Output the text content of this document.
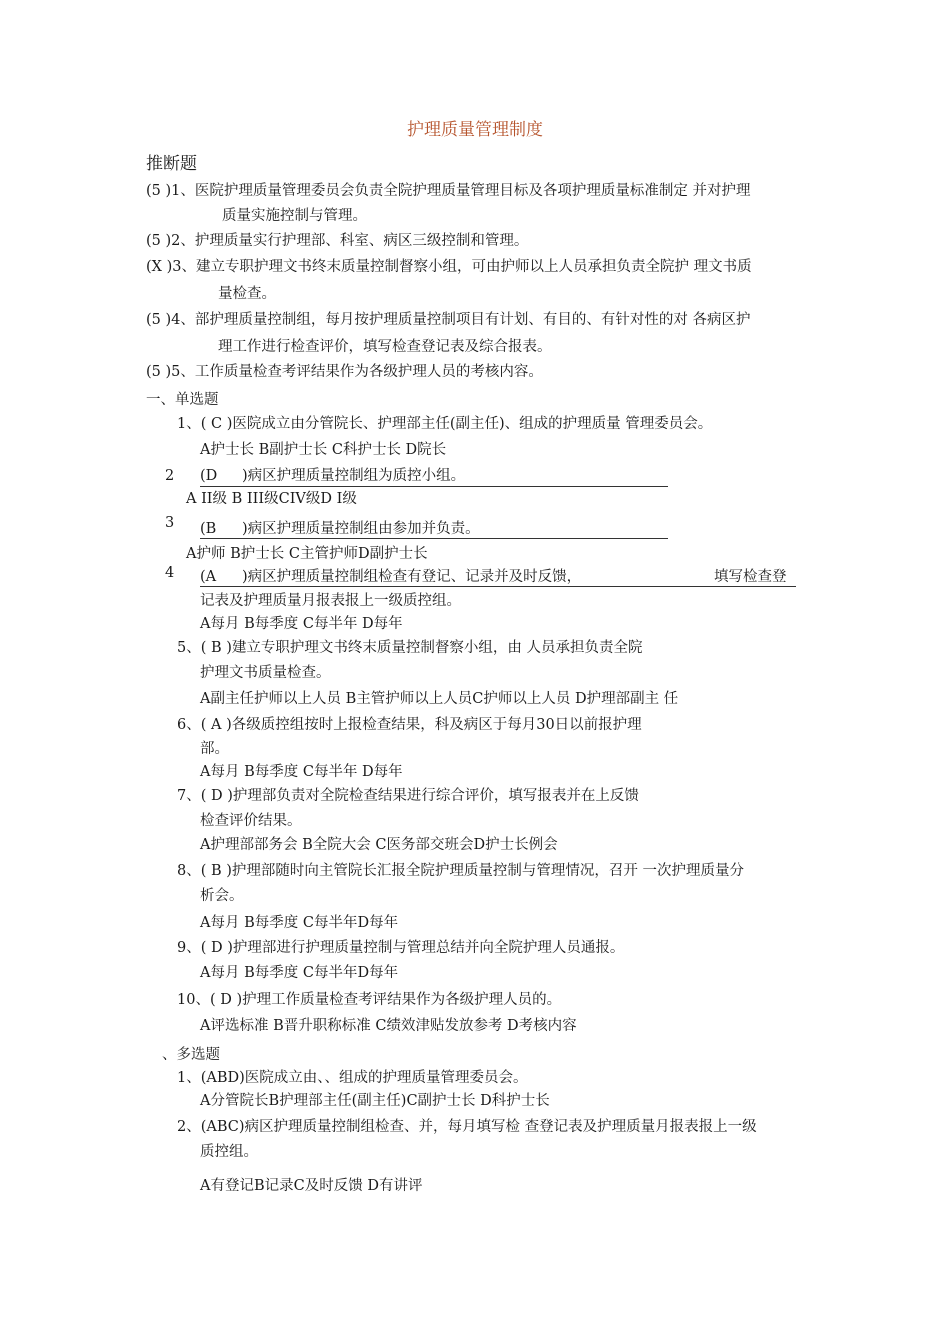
护理质量管理制度
推断题
(5 )1、医院护理质量管理委员会负责全院护理质量管理目标及各项护理质量标准制定 并对护理
质量实施控制与管理。
(5 )2、护理质量实行护理部、科室、病区三级控制和管理。
(X )3、建立专职护理文书终末质量控制督察小组，可由护师以上人员承担负责全院护 理文书质
量检查。
(5 )4、部护理质量控制组，每月按护理质量控制项目有计划、有目的、有针对性的对 各病区护
理工作进行检查评价，填写检查登记表及综合报表。
(5 )5、工作质量检查考评结果作为各级护理人员的考核内容。
一、单选题
1、( C )医院成立由分管院长、护理部主任(副主任)、组成的护理质量 管理委员会。
A护士长 B副护士长 C科护士长 D院长
2 (D )病区护理质量控制组为质控小组。
A II级 B III级CIV级D I级
3 (B )病区护理质量控制组由参加并负责。
A护师 B护士长 C主管护师D副护士长
4 (A )病区护理质量控制组检查有登记、记录并及时反馈，	填写检查登
记表及护理质量月报表报上一级质控组。
A每月 B每季度 C每半年 D每年
5、( B )建立专职护理文书终末质量控制督察小组，由 人员承担负责全院
护理文书质量检查。
A副主任护师以上人员 B主管护师以上人员C护师以上人员 D护理部副主 任
6、( A )各级质控组按时上报检查结果，科及病区于每月30日以前报护理
部。
A每月 B每季度 C每半年 D每年
7、( D )护理部负责对全院检查结果进行综合评价，填写报表并在上反馈
检查评价结果。
A护理部部务会 B全院大会 C医务部交班会D护士长例会
8、( B )护理部随时向主管院长汇报全院护理质量控制与管理情况，召开 一次护理质量分
析会。
A每月 B每季度 C每半年D每年
9、( D )护理部进行护理质量控制与管理总结并向全院护理人员通报。
A每月 B每季度 C每半年D每年
10、( D )护理工作质量检查考评结果作为各级护理人员的。
A评选标准 B晋升职称标准 C绩效津贴发放参考 D考核内容
、多选题
1、(ABD)医院成立由、、组成的护理质量管理委员会。
A分管院长B护理部主任(副主任)C副护士长 D科护士长
2、(ABC)病区护理质量控制组检查、并，每月填写检 查登记表及护理质量月报表报上一级
质控组。
A有登记B记录C及时反馈 D有讲评
